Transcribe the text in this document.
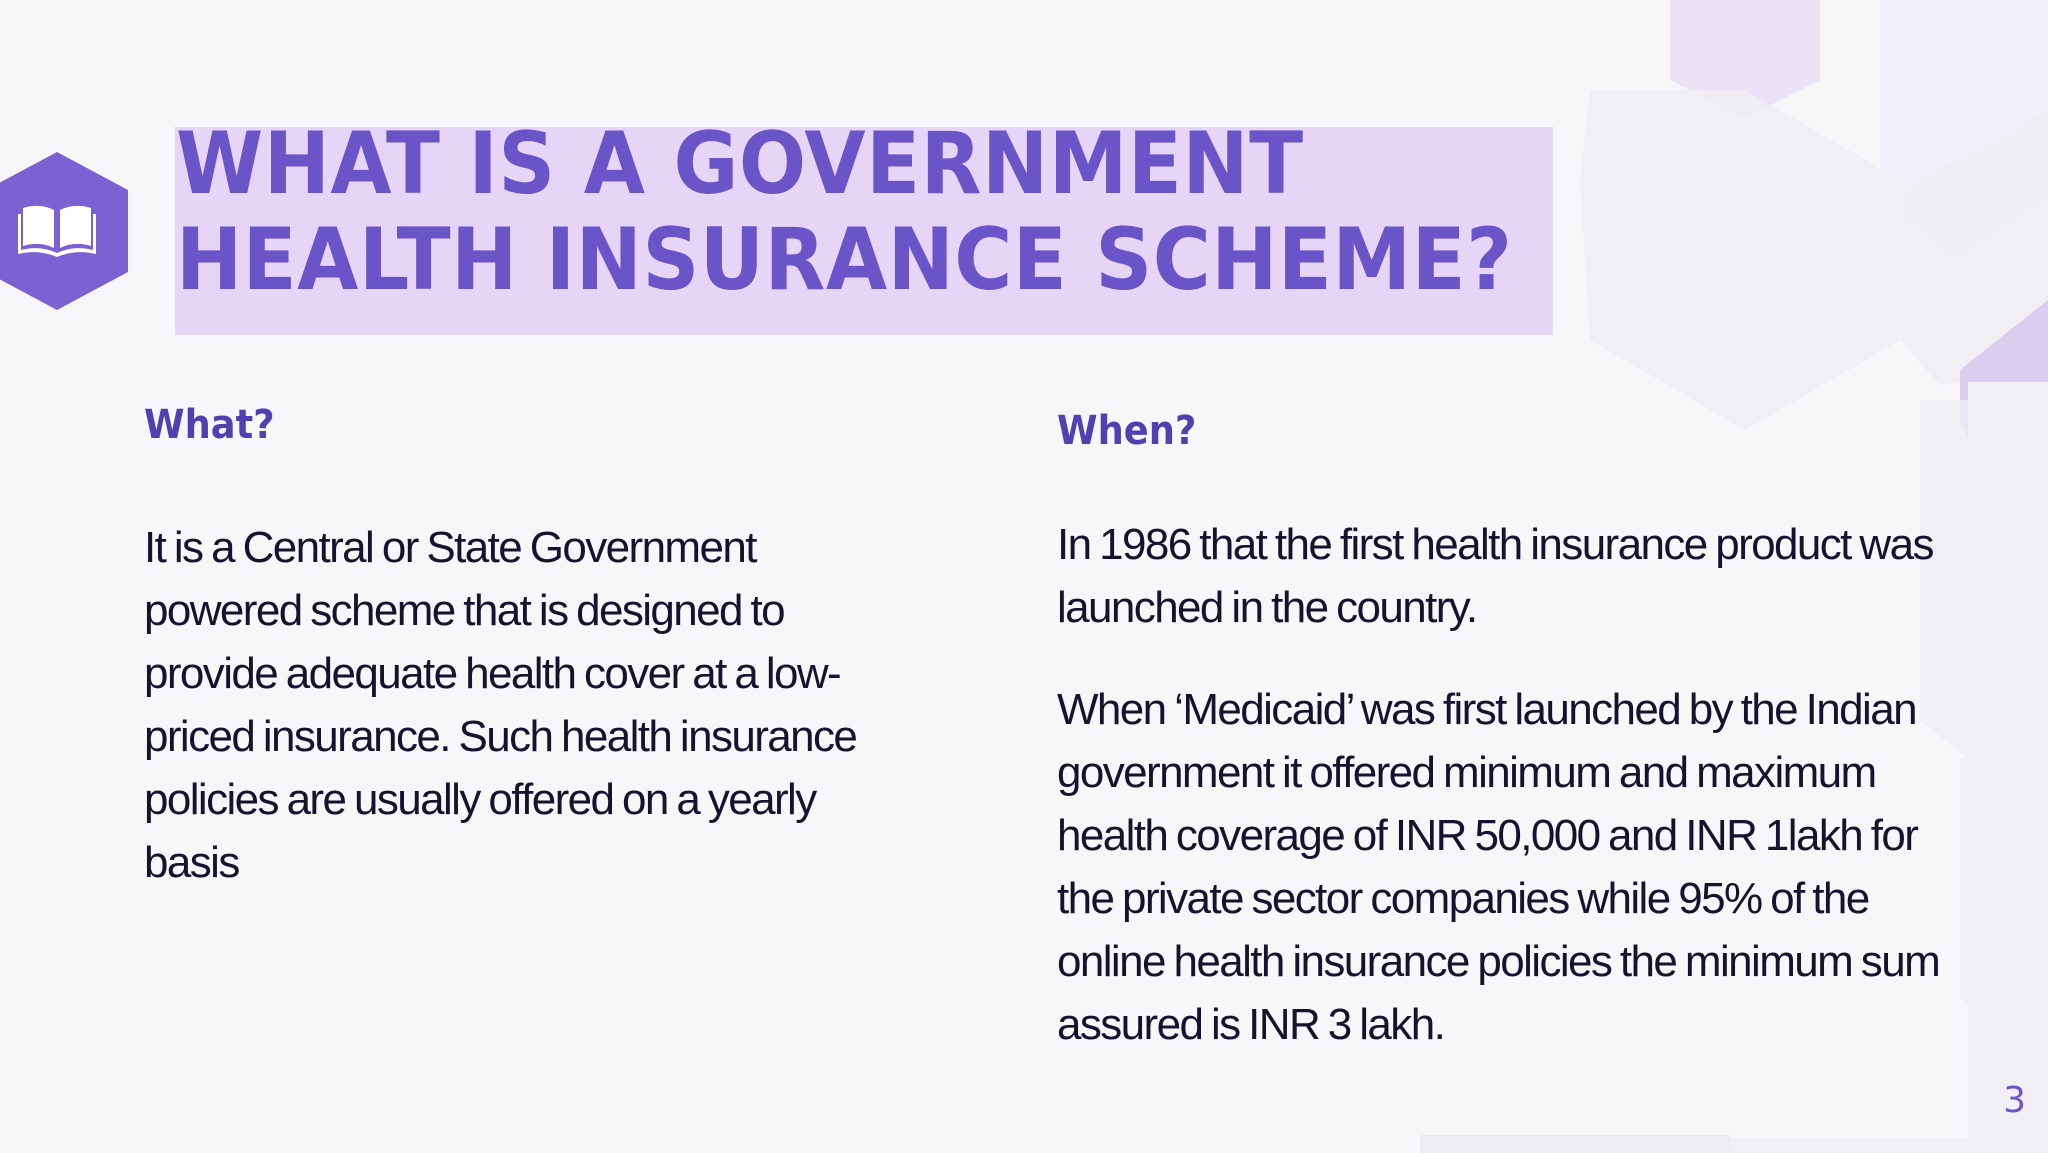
WHAT IS A GOVERNMENT
HEALTH INSURANCE SCHEME?
What?

It is a Central or State Government powered scheme that is designed to provide adequate health cover at a low- priced insurance. Such health insurance policies are usually offered on a yearly basis

When?

In 1986 that the first health insurance product was launched in the country.

When ‘Medicaid’ was first launched by the Indian government it offered minimum and maximum health coverage of INR 50,000 and INR 1lakh for the private sector companies while 95% of the online health insurance policies the minimum sum assured is INR 3 lakh.

3
